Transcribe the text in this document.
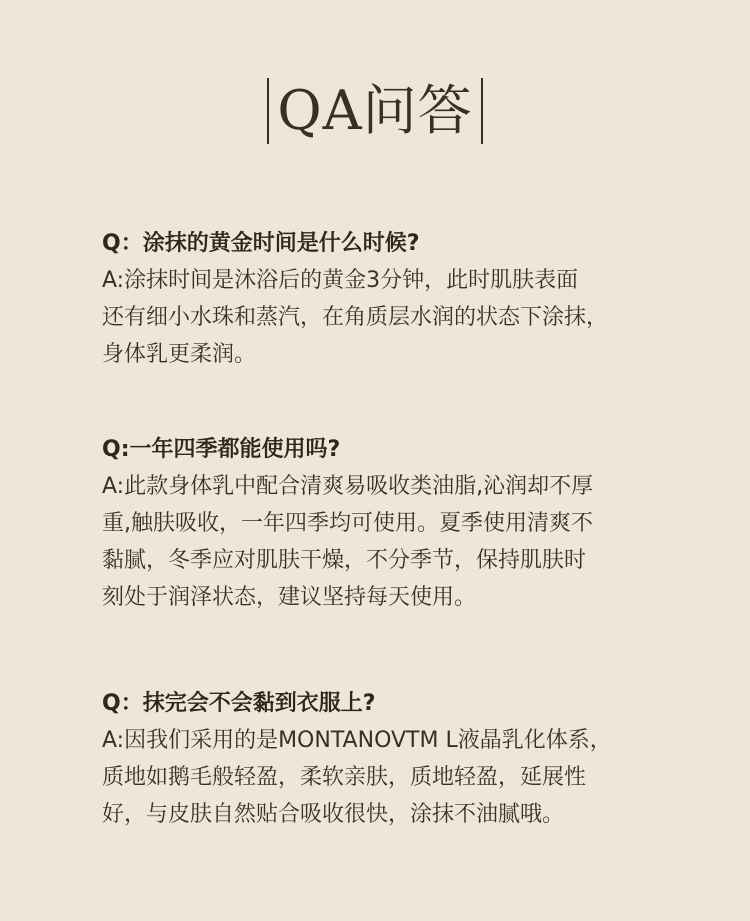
QA问答
Q：涂抹的黄金时间是什么时候?
A:涂抹时间是沐浴后的黄金3分钟，此时肌肤表面
还有细小水珠和蒸汽，在角质层水润的状态下涂抹，
身体乳更柔润。
Q:一年四季都能使用吗?
A:此款身体乳中配合清爽易吸收类油脂,沁润却不厚
重,触肤吸收，一年四季均可使用。夏季使用清爽不
黏腻，冬季应对肌肤干燥，不分季节，保持肌肤时
刻处于润泽状态，建议坚持每天使用。
Q：抹完会不会黏到衣服上?
A:因我们采用的是MONTANOVTM L液晶乳化体系，
质地如鹅毛般轻盈，柔软亲肤，质地轻盈，延展性
好，与皮肤自然贴合吸收很快，涂抹不油腻哦。
